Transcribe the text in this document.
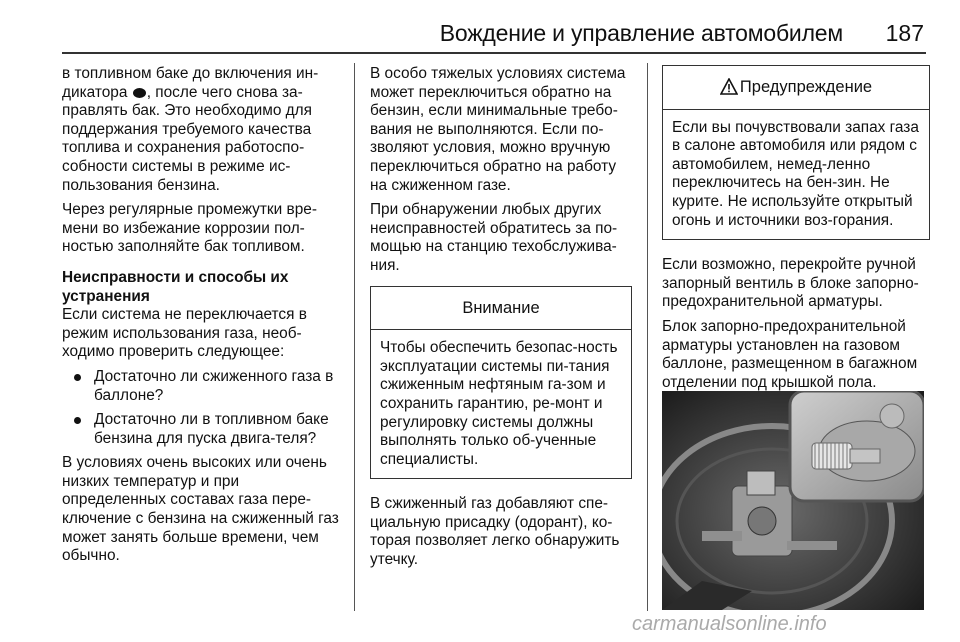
Вождение и управление автомобилем 187

в топливном баке до включения ин-дикатора , после чего снова за-правлять бак. Это необходимо для поддержания требуемого качества топлива и сохранения работоспо-собности системы в режиме ис-пользования бензина.

Через регулярные промежутки вре-мени во избежание коррозии пол-ностью заполняйте бак топливом.

Неисправности и способы их устранения

Если система не переключается в режим использования газа, необ-ходимо проверить следующее:

Достаточно ли сжиженного газа в баллоне?
Достаточно ли в топливном баке бензина для пуска двига-теля?

В условиях очень высоких или очень низких температур и при определенных составах газа пере-ключение с бензина на сжиженный газ может занять больше времени, чем обычно.

В особо тяжелых условиях система может переключиться обратно на бензин, если минимальные требо-вания не выполняются. Если по-зволяют условия, можно вручную переключиться обратно на работу на сжиженном газе.

При обнаружении любых других неисправностей обратитесь за по-мощью на станцию техобслужива-ния.

Внимание
Чтобы обеспечить безопас-ность эксплуатации системы пи-тания сжиженным нефтяным га-зом и сохранить гарантию, ре-монт и регулировку системы должны выполнять только об-ученные специалисты.

В сжиженный газ добавляют спе-циальную присадку (одорант), ко-торая позволяет легко обнаружить утечку.

Предупреждение
Если вы почувствовали запах газа в салоне автомобиля или рядом с автомобилем, немед-ленно переключитесь на бен-зин. Не курите. Не используйте открытый огонь и источники воз-горания.

Если возможно, перекройте ручной запорный вентиль в блоке запорно-предохранительной арматуры.

Блок запорно-предохранительной арматуры установлен на газовом баллоне, размещенном в багажном отделении под крышкой пола.

carmanualsonline.info
